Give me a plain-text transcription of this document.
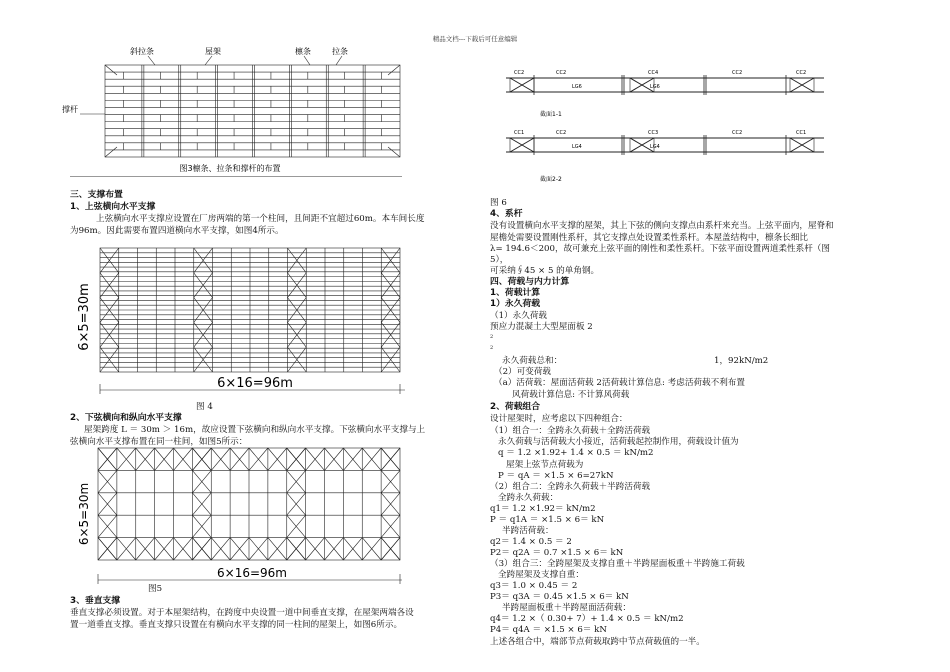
精品文档---下载后可任意编辑
斜拉条	屋架	檩条	拉条
撑杆
图3檩条、拉条和撑杆的布置
三、支撑布置
1、上弦横向水平支撑
上弦横向水平支撑应设置在厂房两端的第一个柱间，且间距不宜超过60m。本车间长度
为96m。因此需要布置四道横向水平支撑，如图4所示。
6×5=30m
6×16=96m
图 4
2、下弦横向和纵向水平支撑
屋架跨度 L ＝ 30m ＞ 16m，故应设置下弦横向和纵向水平支撑。下弦横向水平支撑与上
弦横向水平支撑布置在同一柱间，如图5所示：
6×5=30m
6×16=96m
图5
3、垂直支撑
垂直支撑必须设置。对于本屋架结构，在跨度中央设置一道中间垂直支撑，在屋架两端各设
置一道垂直支撑。垂直支撑只设置在有横向水平支撑的同一柱间的屋架上，如图6所示。
CC2	CC2	CC4	CC2	CC2
LG6	LG6
CC1	CC2	CC3	CC2	CC1
LG4	LG4
截面1-1
截面2-2
图 6
4、系杆
没有设置横向水平支撑的屋架，其上下弦的侧向支撑点由系杆来充当。上弦平面内，屋脊和
屋檐处需要设置刚性系杆，其它支撑点处设置柔性系杆。本屋盖结构中，檩条长细比
λ= 194.6＜200，故可兼充上弦平面的刚性和柔性系杆。下弦平面设置两道柔性系杆（图
5），
可采纳∮45 × 5 的单角钢。
四、荷载与内力计算
1、荷载计算
1）永久荷载
（1）永久荷载
预应力混凝土大型屋面板 2
2
2
永久荷载总和：	1，92kN/m2
（2）可变荷载
（a）活荷载：屋面活荷载 2活荷载计算信息: 考虑活荷载不利布置
风荷载计算信息: 不计算风荷载
2、荷载组合
设计屋架时，应考虑以下四种组合：
（1）组合一：全跨永久荷载＋全跨活荷载
永久荷载与活荷载大小接近，活荷载起控制作用，荷载设计值为
q ＝ 1.2 ×1.92+ 1.4 × 0.5 ＝ kN/m2
屋架上弦节点荷载为
P ＝ qA ＝ ×1.5 × 6=27kN
（2）组合二：全跨永久荷载＋半跨活荷载
全跨永久荷载：
q1＝ 1.2 ×1.92＝ kN/m2
P ＝ q1A ＝ ×1.5 × 6＝ kN
半跨活荷载：
q2＝ 1.4 × 0.5 ＝ 2
P2＝ q2A ＝ 0.7 ×1.5 × 6＝ kN
（3）组合三：全跨屋架及支撑自重＋半跨屋面板重＋半跨施工荷载
全跨屋架及支撑自重：
q3＝ 1.0 × 0.45 ＝ 2
P3＝ q3A ＝ 0.45 ×1.5 × 6＝ kN
半跨屋面板重＋半跨屋面活荷载：
q4＝ 1.2 ×（ 0.30+ 7）+ 1.4 × 0.5 ＝ kN/m2
P4＝ q4A ＝ ×1.5 × 6＝ kN
上述各组合中，端部节点荷载取跨中节点荷载值的一半。
